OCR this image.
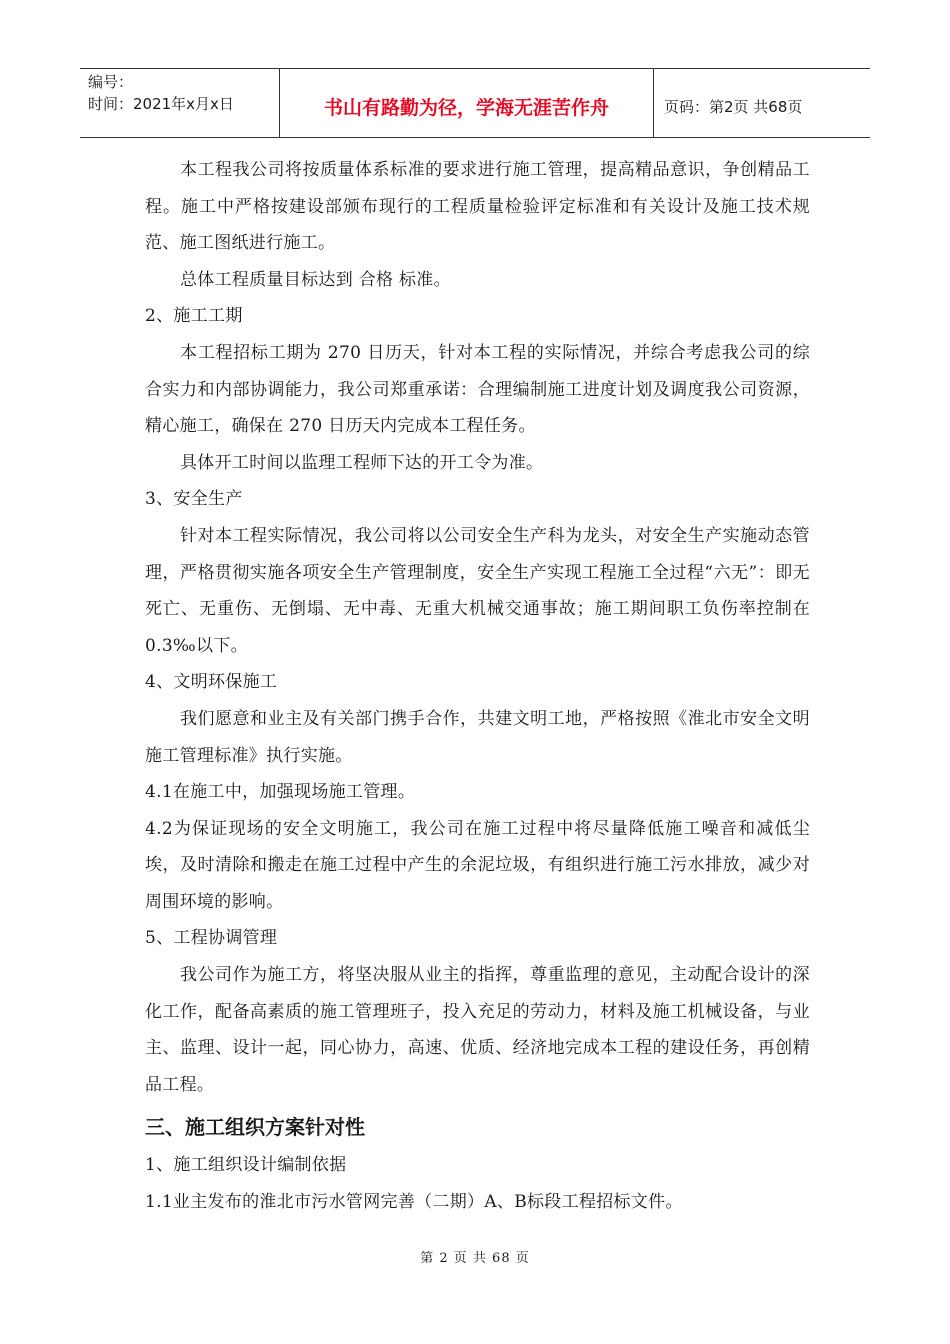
编号：
时间：2021年x月x日	书山有路勤为径，学海无涯苦作舟	页码：第2页 共68页

本工程我公司将按质量体系标准的要求进行施工管理，提高精品意识，争创精品工程。施工中严格按建设部颁布现行的工程质量检验评定标准和有关设计及施工技术规范、施工图纸进行施工。

总体工程质量目标达到 合格 标准。

2、施工工期

本工程招标工期为 270 日历天，针对本工程的实际情况，并综合考虑我公司的综合实力和内部协调能力，我公司郑重承诺：合理编制施工进度计划及调度我公司资源，精心施工，确保在 270 日历天内完成本工程任务。

具体开工时间以监理工程师下达的开工令为准。

3、安全生产

针对本工程实际情况，我公司将以公司安全生产科为龙头，对安全生产实施动态管理，严格贯彻实施各项安全生产管理制度，安全生产实现工程施工全过程“六无”：即无死亡、无重伤、无倒塌、无中毒、无重大机械交通事故；施工期间职工负伤率控制在0.3‰以下。

4、文明环保施工

我们愿意和业主及有关部门携手合作，共建文明工地，严格按照《淮北市安全文明施工管理标准》执行实施。

4.1在施工中，加强现场施工管理。

4.2为保证现场的安全文明施工，我公司在施工过程中将尽量降低施工噪音和减低尘埃，及时清除和搬走在施工过程中产生的余泥垃圾，有组织进行施工污水排放，减少对周围环境的影响。

5、工程协调管理

我公司作为施工方，将坚决服从业主的指挥，尊重监理的意见，主动配合设计的深化工作，配备高素质的施工管理班子，投入充足的劳动力，材料及施工机械设备，与业主、监理、设计一起，同心协力，高速、优质、经济地完成本工程的建设任务，再创精品工程。

三、施工组织方案针对性

1、施工组织设计编制依据

1.1业主发布的淮北市污水管网完善（二期）A、B标段工程招标文件。

第 2 页 共 68 页
